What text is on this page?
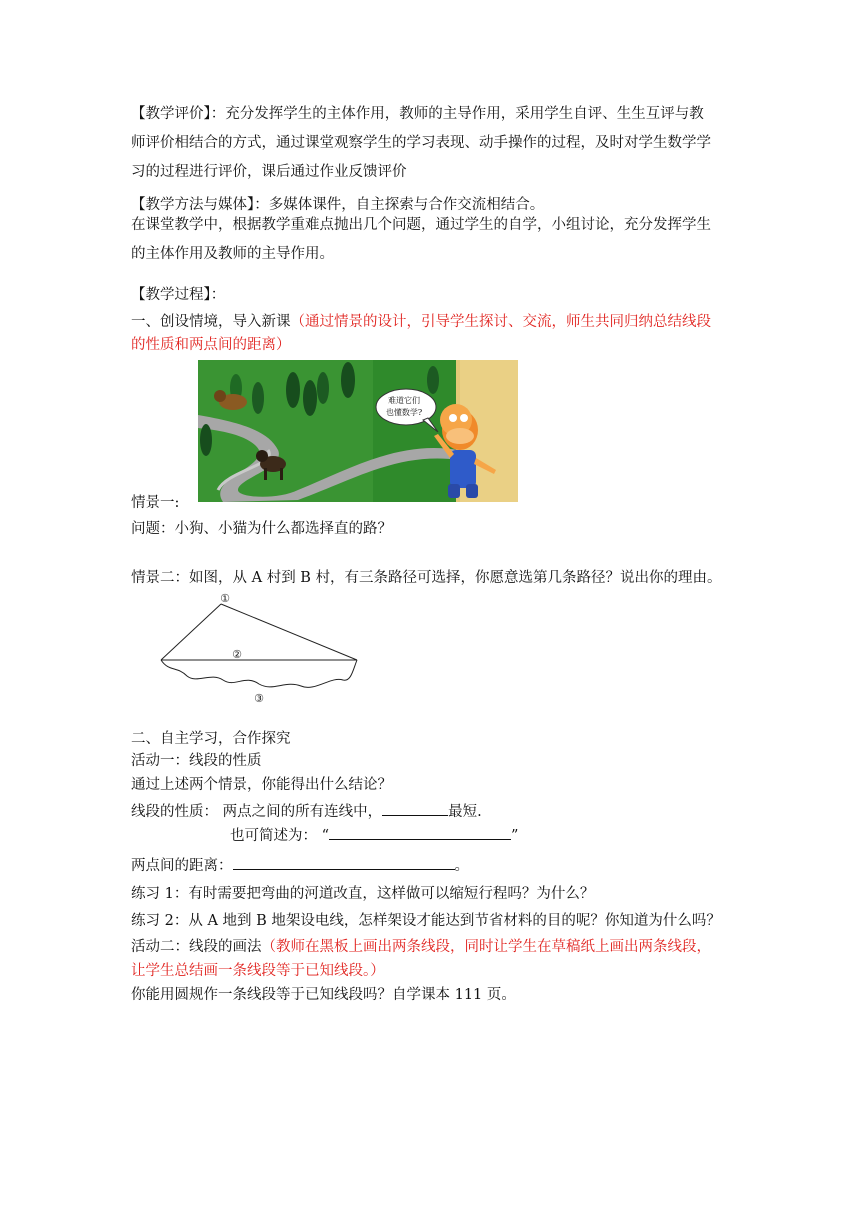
【教学评价】：充分发挥学生的主体作用，教师的主导作用，采用学生自评、生生互评与教
师评价相结合的方式，通过课堂观察学生的学习表现、动手操作的过程，及时对学生数学学
习的过程进行评价，课后通过作业反馈评价
【教学方法与媒体】：多媒体课件，自主探索与合作交流相结合。
在课堂教学中，根据教学重难点抛出几个问题，通过学生的自学，小组讨论，充分发挥学生
的主体作用及教师的主导作用。
【教学过程】：
一、创设情境，导入新课（通过情景的设计，引导学生探讨、交流，师生共同归纳总结线段
的性质和两点间的距离）
难道它们
也懂数学?
情景一:
问题：小狗、小猫为什么都选择直的路？
情景二：如图，从 A 村到 B 村，有三条路径可选择，你愿意选第几条路径？说出你的理由。
①
②
③
二、自主学习，合作探究
活动一：线段的性质
通过上述两个情景，你能得出什么结论？
线段的性质： 两点之间的所有连线中，	最短.
也可简述为： “	”
两点间的距离：	。
练习 1：有时需要把弯曲的河道改直，这样做可以缩短行程吗？为什么？
练习 2：从 A 地到 B 地架设电线，怎样架设才能达到节省材料的目的呢？你知道为什么吗？
活动二：线段的画法（教师在黑板上画出两条线段，同时让学生在草稿纸上画出两条线段，
让学生总结画一条线段等于已知线段。）
你能用圆规作一条线段等于已知线段吗？自学课本 111 页。
